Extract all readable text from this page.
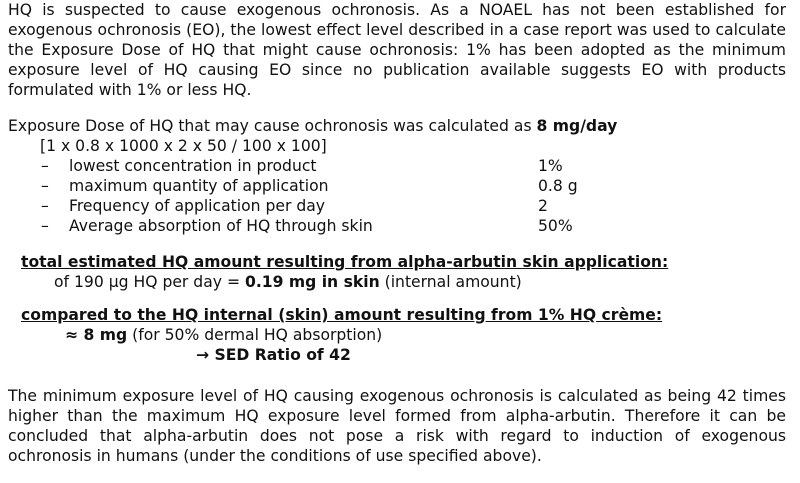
HQ is suspected to cause exogenous ochronosis. As a NOAEL has not been established for exogenous ochronosis (EO), the lowest effect level described in a case report was used to calculate the Exposure Dose of HQ that might cause ochronosis: 1% has been adopted as the minimum exposure level of HQ causing EO since no publication available suggests EO with products formulated with 1% or less HQ.

Exposure Dose of HQ that may cause ochronosis was calculated as 8 mg/day
[1 x 0.8 x 1000 x 2 x 50 / 100 x 100]
– lowest concentration in product	1%
– maximum quantity of application	0.8 g
– Frequency of application per day	2
– Average absorption of HQ through skin	50%
total estimated HQ amount resulting from alpha-arbutin skin application:
of 190 µg HQ per day = 0.19 mg in skin (internal amount)
compared to the HQ internal (skin) amount resulting from 1% HQ crème:
≈ 8 mg (for 50% dermal HQ absorption)
→ SED Ratio of 42

The minimum exposure level of HQ causing exogenous ochronosis is calculated as being 42 times higher than the maximum HQ exposure level formed from alpha-arbutin. Therefore it can be concluded that alpha-arbutin does not pose a risk with regard to induction of exogenous ochronosis in humans (under the conditions of use specified above).
